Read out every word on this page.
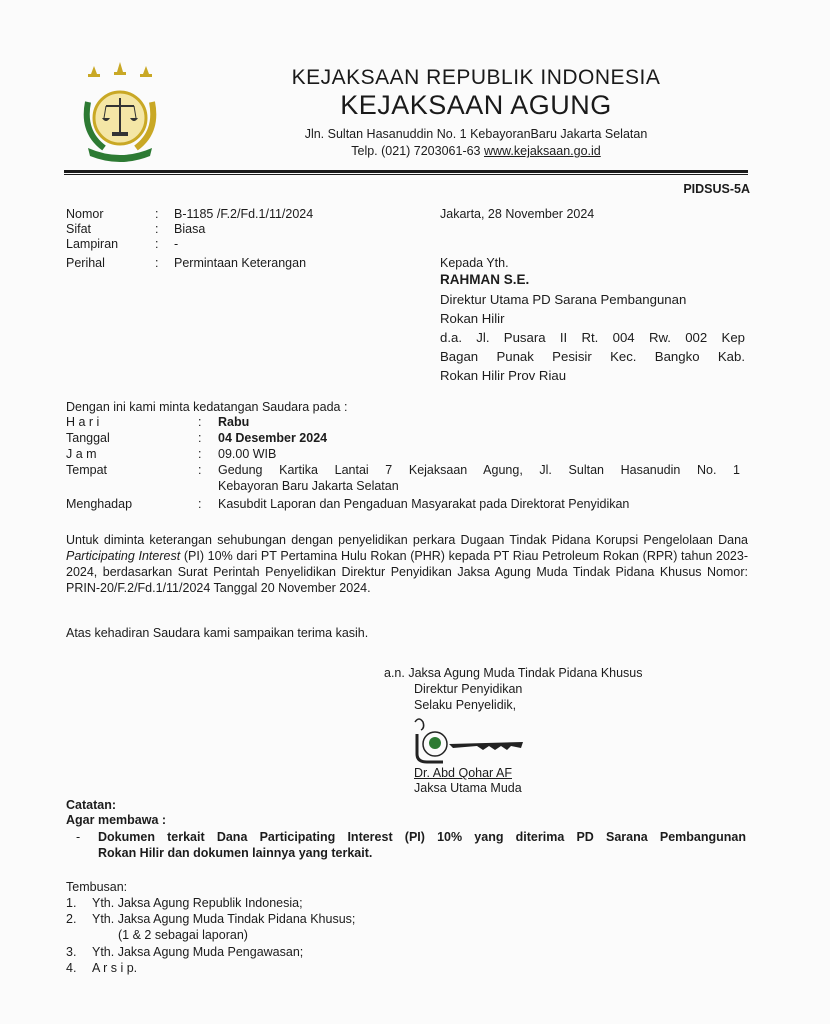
KEJAKSAAN REPUBLIK INDONESIA
KEJAKSAAN AGUNG
Jln. Sultan Hasanuddin No. 1 KebayoranBaru Jakarta Selatan
Telp. (021) 7203061-63 www.kejaksaan.go.id
PIDSUS-5A
Nomor	: B-1185 /F.2/Fd.1/11/2024
Sifat	: Biasa
Lampiran	: -
Perihal	: Permintaan Keterangan
Jakarta, 28 November 2024
Kepada Yth.
RAHMAN S.E.
Direktur Utama PD Sarana Pembangunan
Rokan Hilir
d.a. Jl. Pusara II Rt. 004 Rw. 002 Kep
Bagan Punak Pesisir Kec. Bangko Kab.
Rokan Hilir Prov Riau
Dengan ini kami minta kedatangan Saudara pada :
H a r i	: Rabu
Tanggal	: 04 Desember 2024
J a m	: 09.00 WIB
Tempat	: Gedung Kartika Lantai 7 Kejaksaan Agung, Jl. Sultan Hasanudin No. 1
Kebayoran Baru Jakarta Selatan
Menghadap	: Kasubdit Laporan dan Pengaduan Masyarakat pada Direktorat Penyidikan
Untuk diminta keterangan sehubungan dengan penyelidikan perkara Dugaan Tindak Pidana Korupsi Pengelolaan Dana Participating Interest (PI) 10% dari PT Pertamina Hulu Rokan (PHR) kepada PT Riau Petroleum Rokan (RPR) tahun 2023-2024, berdasarkan Surat Perintah Penyelidikan Direktur Penyidikan Jaksa Agung Muda Tindak Pidana Khusus Nomor: PRIN-20/F.2/Fd.1/11/2024 Tanggal 20 November 2024.
Atas kehadiran Saudara kami sampaikan terima kasih.
a.n. Jaksa Agung Muda Tindak Pidana Khusus
Direktur Penyidikan
Selaku Penyelidik,
Dr. Abd Qohar AF
Jaksa Utama Muda
Catatan:
Agar membawa :
- Dokumen terkait Dana Participating Interest (PI) 10% yang diterima PD Sarana Pembangunan
Rokan Hilir dan dokumen lainnya yang terkait.
Tembusan:
1. Yth. Jaksa Agung Republik Indonesia;
2. Yth. Jaksa Agung Muda Tindak Pidana Khusus;
(1 & 2 sebagai laporan)
3. Yth. Jaksa Agung Muda Pengawasan;
4. A r s i p.
